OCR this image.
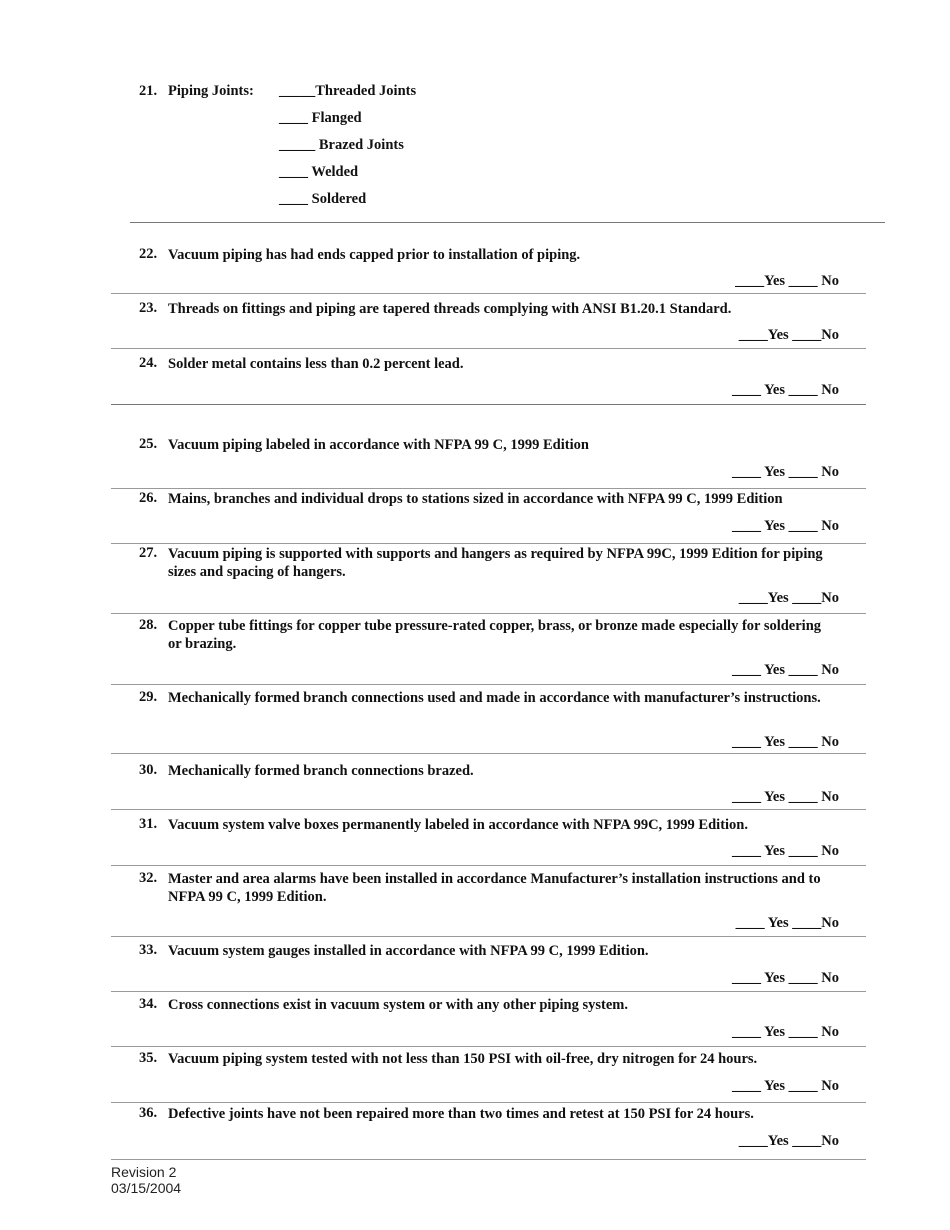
21. Piping Joints: _____Threaded Joints
____ Flanged
_____ Brazed Joints
____ Welded
____ Soldered
22. Vacuum piping has had ends capped prior to installation of piping.
____Yes ____ No
23. Threads on fittings and piping are tapered threads complying with ANSI B1.20.1 Standard.
____Yes ____No
24. Solder metal contains less than 0.2 percent lead.
____ Yes ____ No
25. Vacuum piping labeled in accordance with NFPA 99 C, 1999 Edition
____ Yes ____ No
26. Mains, branches and individual drops to stations sized in accordance with NFPA 99 C, 1999 Edition
____ Yes ____ No
27. Vacuum piping is supported with supports and hangers as required by NFPA 99C, 1999 Edition for piping sizes and spacing of hangers.
____Yes ____No
28. Copper tube fittings for copper tube pressure-rated copper, brass, or bronze made especially for soldering or brazing.
____ Yes ____ No
29. Mechanically formed branch connections used and made in accordance with manufacturer’s instructions.
____ Yes ____ No
30. Mechanically formed branch connections brazed.
____ Yes ____ No
31. Vacuum system valve boxes permanently labeled in accordance with NFPA 99C, 1999 Edition.
____ Yes ____ No
32. Master and area alarms have been installed in accordance Manufacturer’s installation instructions and to NFPA 99 C, 1999 Edition.
____ Yes ____No
33. Vacuum system gauges installed in accordance with NFPA 99 C, 1999 Edition.
____ Yes ____ No
34. Cross connections exist in vacuum system or with any other piping system.
____ Yes ____ No
35. Vacuum piping system tested with not less than 150 PSI with oil-free, dry nitrogen for 24 hours.
____ Yes ____ No
36. Defective joints have not been repaired more than two times and retest at 150 PSI for 24 hours.
____Yes ____No
Revision 2
03/15/2004
